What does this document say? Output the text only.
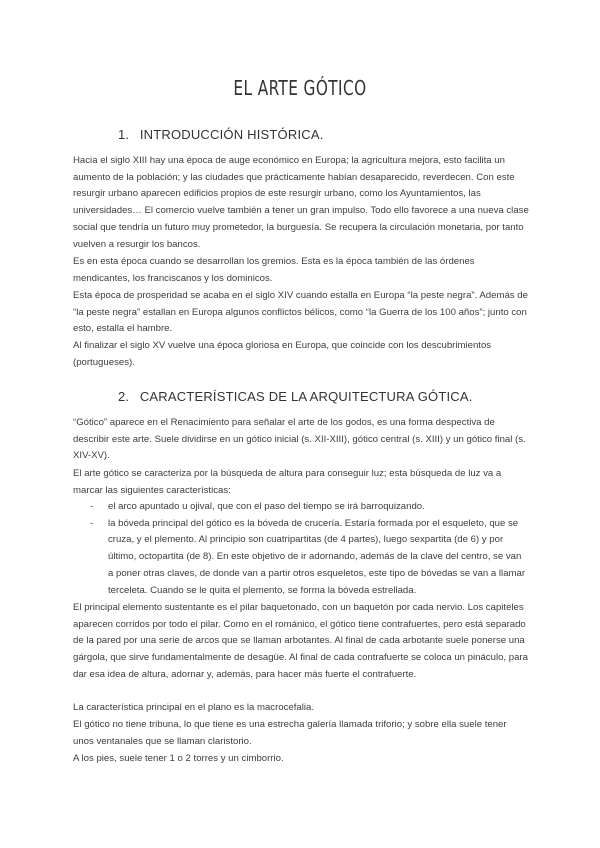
EL ARTE GÓTICO
1. INTRODUCCIÓN HISTÓRICA.

Hacia el siglo XIII hay una época de auge económico en Europa; la agricultura mejora, esto facilita un aumento de la población; y las ciudades que prácticamente habían desaparecido, reverdecen. Con este resurgir urbano aparecen edificios propios de este resurgir urbano, como los Ayuntamientos, las universidades… El comercio vuelve también a tener un gran impulso. Todo ello favorece a una nueva clase social que tendría un futuro muy prometedor, la burguesía. Se recupera la circulación monetaria, por tanto vuelven a resurgir los bancos.

Es en esta época cuando se desarrollan los gremios. Esta es la época también de las órdenes mendicantes, los franciscanos y los dominicos.

Esta época de prosperidad se acaba en el siglo XIV cuando estalla en Europa “la peste negra”. Además de “la peste negra” estallan en Europa algunos conflictos bélicos, como “la Guerra de los 100 años”; junto con esto, estalla el hambre.

Al finalizar el siglo XV vuelve una época gloriosa en Europa, que coincide con los descubrimientos (portugueses).

2. CARACTERÍSTICAS DE LA ARQUITECTURA GÓTICA.

“Gótico” aparece en el Renacimiento para señalar el arte de los godos, es una forma despectiva de describir este arte. Suele dividirse en un gótico inicial (s. XII-XIII), gótico central (s. XIII) y un gótico final (s. XIV-XV).

El arte gótico se caracteriza por la búsqueda de altura para conseguir luz; esta búsqueda de luz va a marcar las siguientes características:

- el arco apuntado u ojival, que con el paso del tiempo se irá barroquizando.
- la bóveda principal del gótico es la bóveda de crucería. Estaría formada por el esqueleto, que se cruza, y el plemento. Al principio son cuatripartitas (de 4 partes), luego sexpartita (de 6) y por último, octopartita (de 8). En este objetivo de ir adornando, además de la clave del centro, se van a poner otras claves, de donde van a partir otros esqueletos, este tipo de bóvedas se van a llamar terceleta. Cuando se le quita el plemento, se forma la bóveda estrellada.

El principal elemento sustentante es el pilar baquetonado, con un baquetón por cada nervio. Los capiteles aparecen corridos por todo el pilar. Como en el románico, el gótico tiene contrafuertes, pero está separado de la pared por una serie de arcos que se llaman arbotantes. Al final de cada arbotante suele ponerse una gárgola, que sirve fundamentalmente de desagüe. Al final de cada contrafuerte se coloca un pináculo, para dar esa idea de altura, adornar y, además, para hacer más fuerte el contrafuerte.

La característica principal en el plano es la macrocefalia.

El gótico no tiene tribuna, lo que tiene es una estrecha galería llamada triforio; y sobre ella suele tener unos ventanales que se llaman claristorio.

A los pies, suele tener 1 o 2 torres y un cimborrio.
